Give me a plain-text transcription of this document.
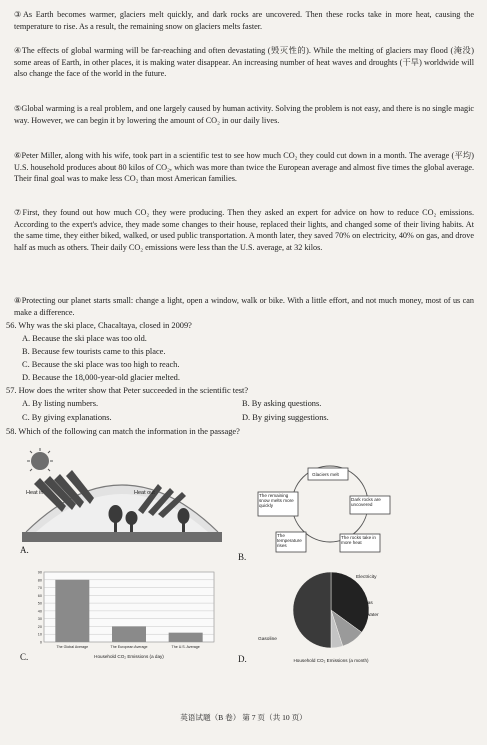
③As Earth becomes warmer, glaciers melt quickly, and dark rocks are uncovered. Then these rocks take in more heat, causing the temperature to rise. As a result, the remaining snow on glaciers melts faster.

④The effects of global warming will be far-reaching and often devastating (毁灭性的). While the melting of glaciers may flood (淹没) some areas of Earth, in other places, it is making water disappear. An increasing number of heat waves and droughts (干旱) worldwide will also change the face of the world in the future.

⑤Global warming is a real problem, and one largely caused by human activity. Solving the problem is not easy, and there is no single magic way. However, we can begin it by lowering the amount of CO₂ in our daily lives.

⑥Peter Miller, along with his wife, took part in a scientific test to see how much CO₂ they could cut down in a month. The average (平均) U.S. household produces about 80 kilos of CO₂, which was more than twice the European average and almost five times the global average. Their final goal was to make less CO₂ than most American families.

⑦First, they found out how much CO₂ they were producing. Then they asked an expert for advice on how to reduce CO₂ emissions. According to the expert's advice, they made some changes to their house, replaced their lights, and changed some of their living habits. At the same time, they either biked, walked, or used public transportation. A month later, they saved 70% on electricity, 40% on gas, and drove half as much as others. Their daily CO₂ emissions were less than the U.S. average, at 32 kilos.

⑧Protecting our planet starts small: change a light, open a window, walk or bike. With a little effort, and not much money, most of us can make a difference.

56. Why was the ski place, Chacaltaya, closed in 2009?
A. Because the ski place was too old.
B. Because few tourists came to this place.
C. Because the ski place was too high to reach.
D. Because the 18,000-year-old glacier melted.
57. How does the writer show that Peter succeeded in the scientific test?
A. By listing numbers.	B. By asking questions.
C. By giving explanations.	D. By giving suggestions.
58. Which of the following can match the information in the passage?
Heat in	Heat out
A.
Glaciers melt
Dark rocks are uncovered
The rocks take in more heat
The temperature rises
The remaining snow melts more quickly
B.
0
10
20
30
40
50
60
70
80
90
The Global Average	The European Average	The U.S. Average
Household CO₂ Emissions (a day)
C.
Electricity
Gas
Water
Gasoline
Household CO₂ Emissions (a month)
D.
英语试题（B 卷） 第 7 页（共 10 页）
